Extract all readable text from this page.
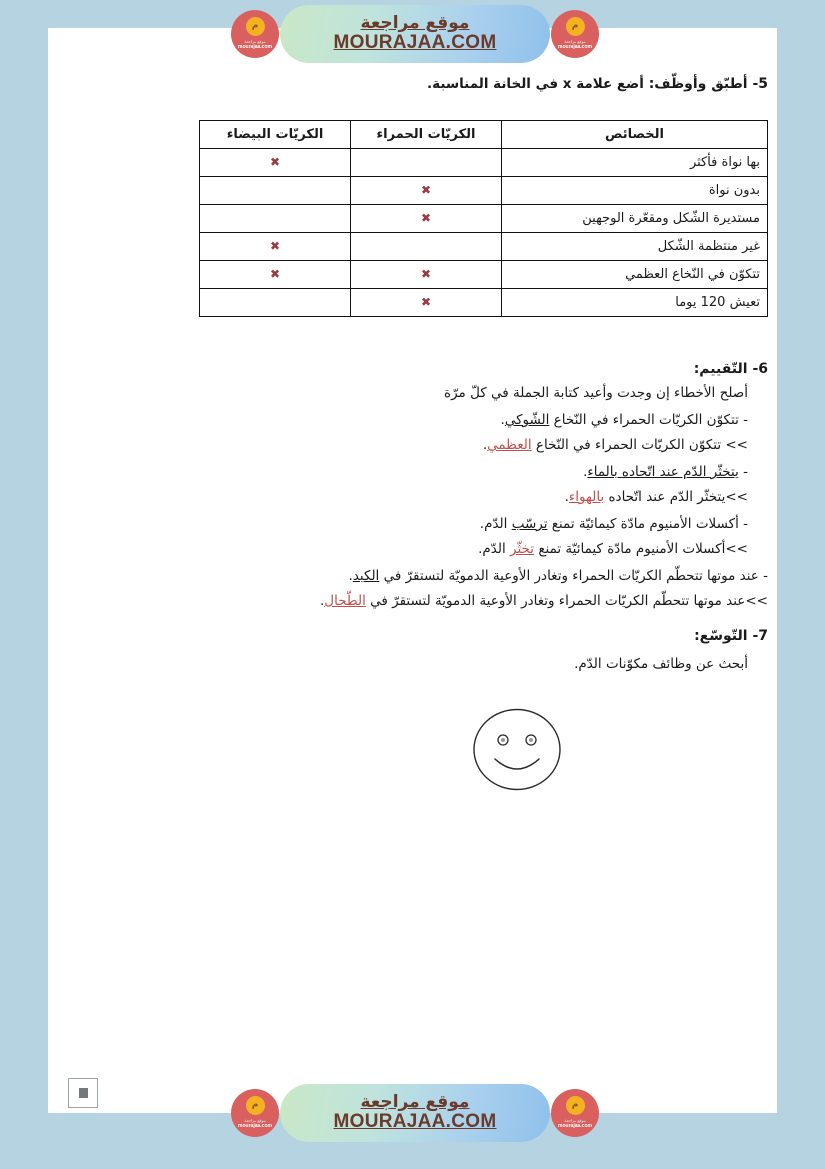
5- أطبّق وأوظّف: أضع علامة x في الخانة المناسبة.
الخصائص	الكريّات الحمراء	الكريّات البيضاء
بها نواة فأكثر		✖
بدون نواة	✖	
مستديرة الشّكل ومقعّرة الوجهين	✖	
غير منتظمة الشّكل		✖
تتكوّن في النّخاع العظمي	✖	✖
تعيش 120 يوما	✖	
6- التّقييم:
أصلح الأخطاء إن وجدت وأعيد كتابة الجملة في كلّ مرّة
- تتكوّن الكريّات الحمراء في النّخاع الشّوكي.
>> تتكوّن الكريّات الحمراء في النّخاع العظمي.
- يتخثّر الدّم عند اتّحاده بالماء.
>>يتخثّر الدّم عند اتّحاده بالهواء.
- أكسلات الأمنيوم مادّة كيمائيّة تمنع ترسّب الدّم.
>>أكسلات الأمنيوم مادّة كيمائيّة تمنع تخثّر الدّم.
- عند موتها تتحطّم الكريّات الحمراء وتغادر الأوعية الدمويّة لتستقرّ في الكبد.
>>عند موتها تتحطّم الكريّات الحمراء وتغادر الأوعية الدمويّة لتستقرّ في الطّحال.
7- التّوسّع:
أبحث عن وظائف مكوّنات الدّم.
م
موقع مراجعة
mourajaa.com
موقع مراجعة
MOURAJAA.COM
م
موقع مراجعة
mourajaa.com
م
موقع مراجعة
mourajaa.com
موقع مراجعة
MOURAJAA.COM
م
موقع مراجعة
mourajaa.com
